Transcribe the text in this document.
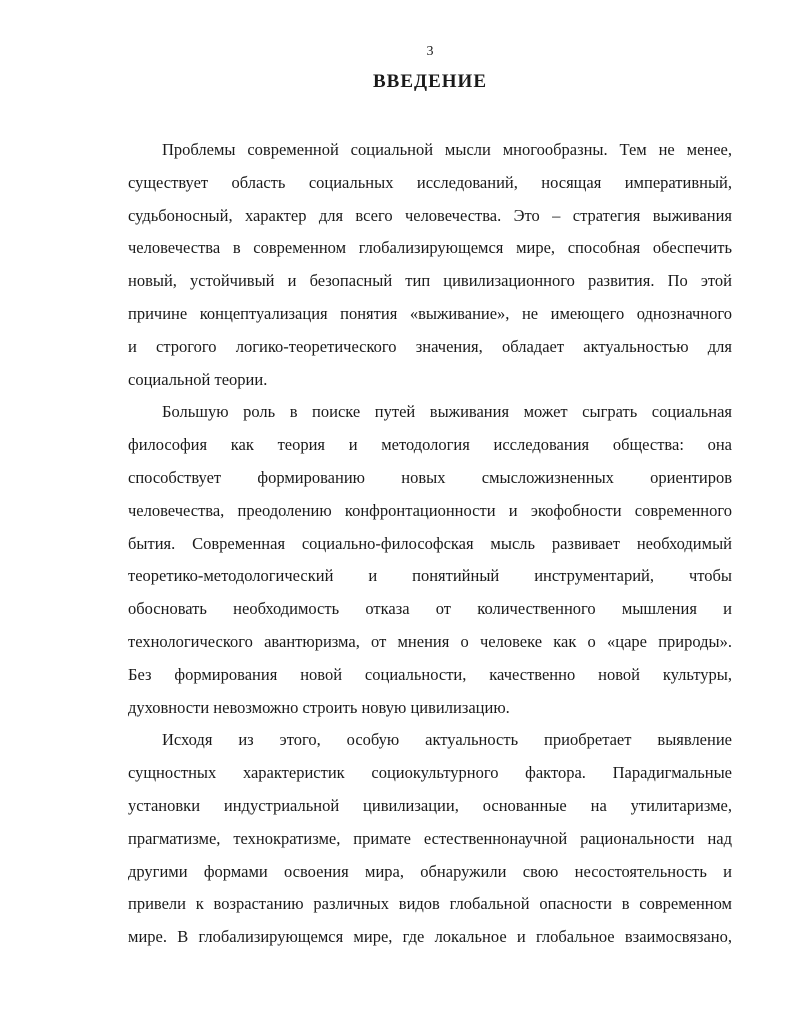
3
ВВЕДЕНИЕ
Проблемы современной социальной мысли многообразны. Тем не менее,
существует область социальных исследований, носящая императивный,
судьбоносный, характер для всего человечества. Это – стратегия выживания
человечества в современном глобализирующемся мире, способная обеспечить
новый, устойчивый и безопасный тип цивилизационного развития. По этой
причине концептуализация понятия «выживание», не имеющего однозначного
и строгого логико-теоретического значения, обладает актуальностью для
социальной теории.
Большую роль в поиске путей выживания может сыграть социальная
философия как теория и методология исследования общества: она
способствует формированию новых смысложизненных ориентиров
человечества, преодолению конфронтационности и экофобности современного
бытия. Современная социально-философская мысль развивает необходимый
теоретико-методологический и понятийный инструментарий, чтобы
обосновать необходимость отказа от количественного мышления и
технологического авантюризма, от мнения о человеке как о «царе природы».
Без формирования новой социальности, качественно новой культуры,
духовности невозможно строить новую цивилизацию.
Исходя из этого, особую актуальность приобретает выявление
сущностных характеристик социокультурного фактора. Парадигмальные
установки индустриальной цивилизации, основанные на утилитаризме,
прагматизме, технократизме, примате естественнонаучной рациональности над
другими формами освоения мира, обнаружили свою несостоятельность и
привели к возрастанию различных видов глобальной опасности в современном
мире. В глобализирующемся мире, где локальное и глобальное взаимосвязано,
